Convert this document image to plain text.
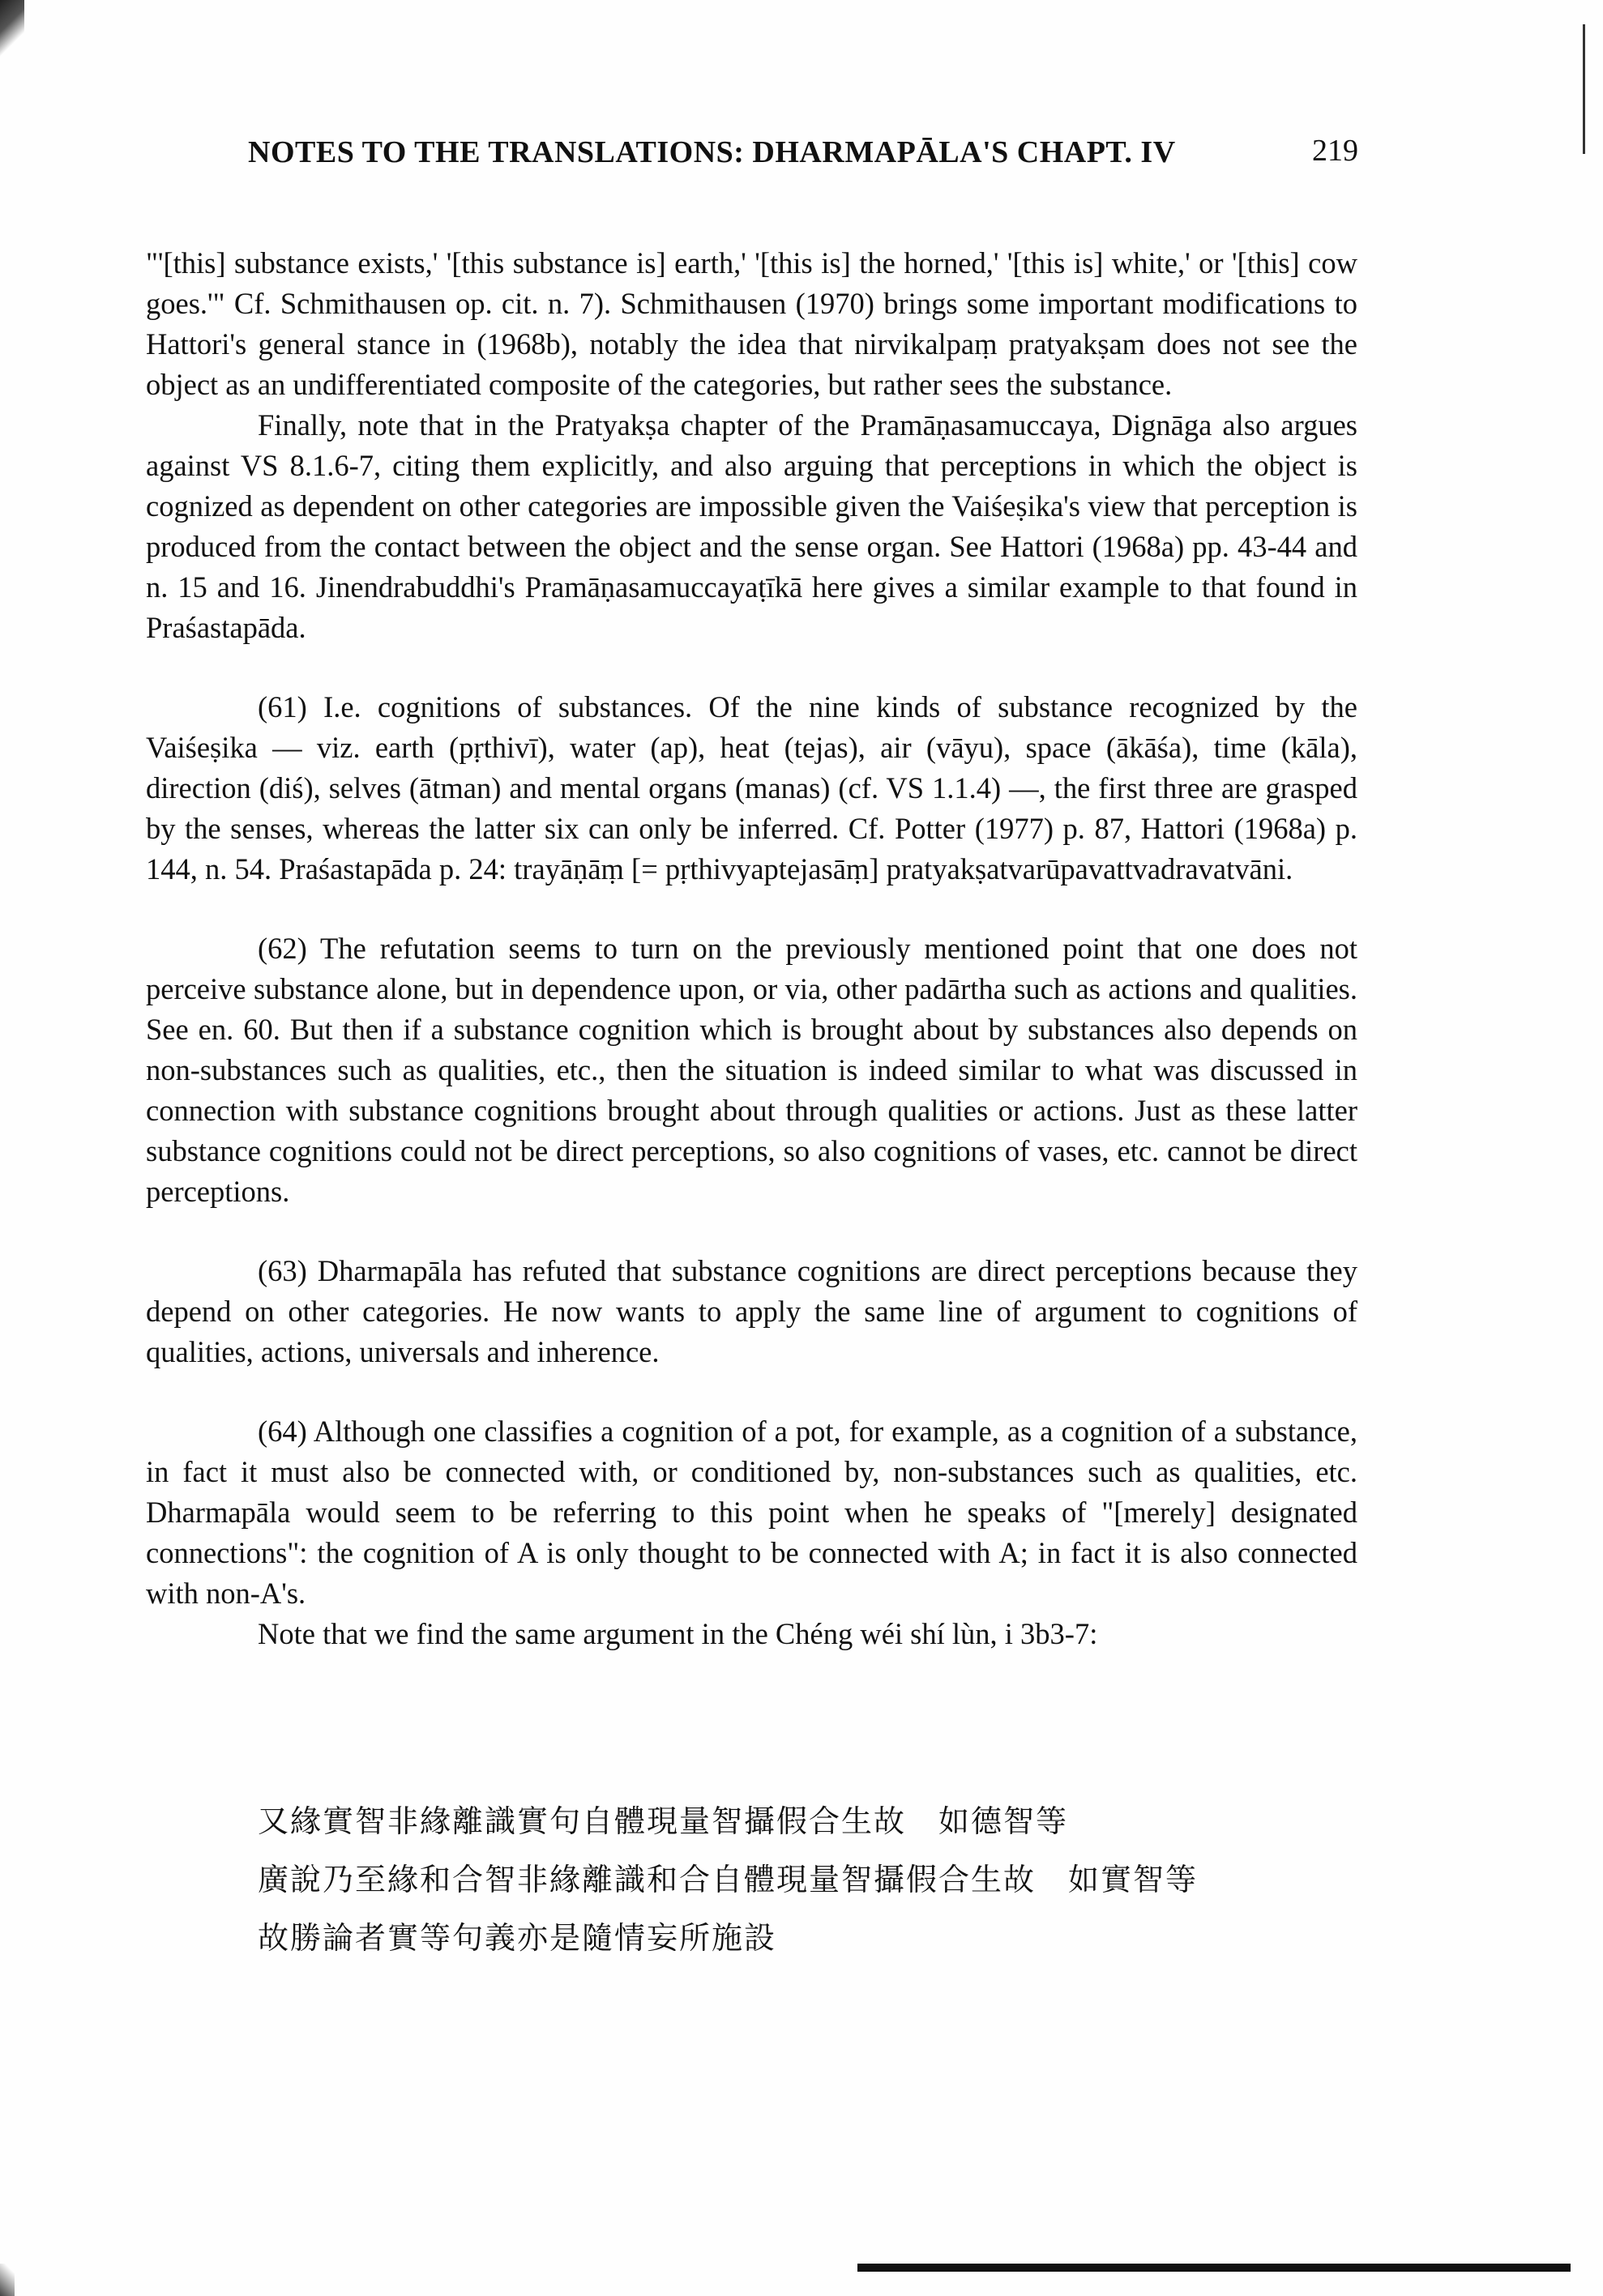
NOTES TO THE TRANSLATIONS: DHARMAPĀLA'S CHAPT. IV	219

"'[this] substance exists,' '[this substance is] earth,' '[this is] the horned,' '[this is] white,' or '[this] cow goes.'" Cf. Schmithausen op. cit. n. 7). Schmithausen (1970) brings some important modifications to Hattori's general stance in (1968b), notably the idea that nirvikalpaṃ pratyakṣam does not see the object as an undifferentiated composite of the categories, but rather sees the substance.

Finally, note that in the Pratyakṣa chapter of the Pramāṇasamuccaya, Dignāga also argues against VS 8.1.6-7, citing them explicitly, and also arguing that perceptions in which the object is cognized as dependent on other categories are impossible given the Vaiśeṣika's view that perception is produced from the contact between the object and the sense organ. See Hattori (1968a) pp. 43-44 and n. 15 and 16. Jinendrabuddhi's Pramāṇasamuccayaṭīkā here gives a similar example to that found in Praśastapāda.

(61) I.e. cognitions of substances. Of the nine kinds of substance recognized by the Vaiśeṣika — viz. earth (pṛthivī), water (ap), heat (tejas), air (vāyu), space (ākāśa), time (kāla), direction (diś), selves (ātman) and mental organs (manas) (cf. VS 1.1.4) —, the first three are grasped by the senses, whereas the latter six can only be inferred. Cf. Potter (1977) p. 87, Hattori (1968a) p. 144, n. 54. Praśastapāda p. 24: trayāṇāṃ [= pṛthivyaptejasāṃ] pratyakṣatvarūpavattvadravatvāni.

(62) The refutation seems to turn on the previously mentioned point that one does not perceive substance alone, but in dependence upon, or via, other padārtha such as actions and qualities. See en. 60. But then if a substance cognition which is brought about by substances also depends on non-substances such as qualities, etc., then the situation is indeed similar to what was discussed in connection with substance cognitions brought about through qualities or actions. Just as these latter substance cognitions could not be direct perceptions, so also cognitions of vases, etc. cannot be direct perceptions.

(63) Dharmapāla has refuted that substance cognitions are direct perceptions because they depend on other categories. He now wants to apply the same line of argument to cognitions of qualities, actions, universals and inherence.

(64) Although one classifies a cognition of a pot, for example, as a cognition of a substance, in fact it must also be connected with, or conditioned by, non-substances such as qualities, etc. Dharmapāla would seem to be referring to this point when he speaks of "[merely] designated connections": the cognition of A is only thought to be connected with A; in fact it is also connected with non-A's.

Note that we find the same argument in the Chéng wéi shí lùn, i 3b3-7:

又緣實智非緣離識實句自體現量智攝假合生故　如德智等
廣說乃至緣和合智非緣離識和合自體現量智攝假合生故　如實智等
故勝論者實等句義亦是隨情妄所施設
